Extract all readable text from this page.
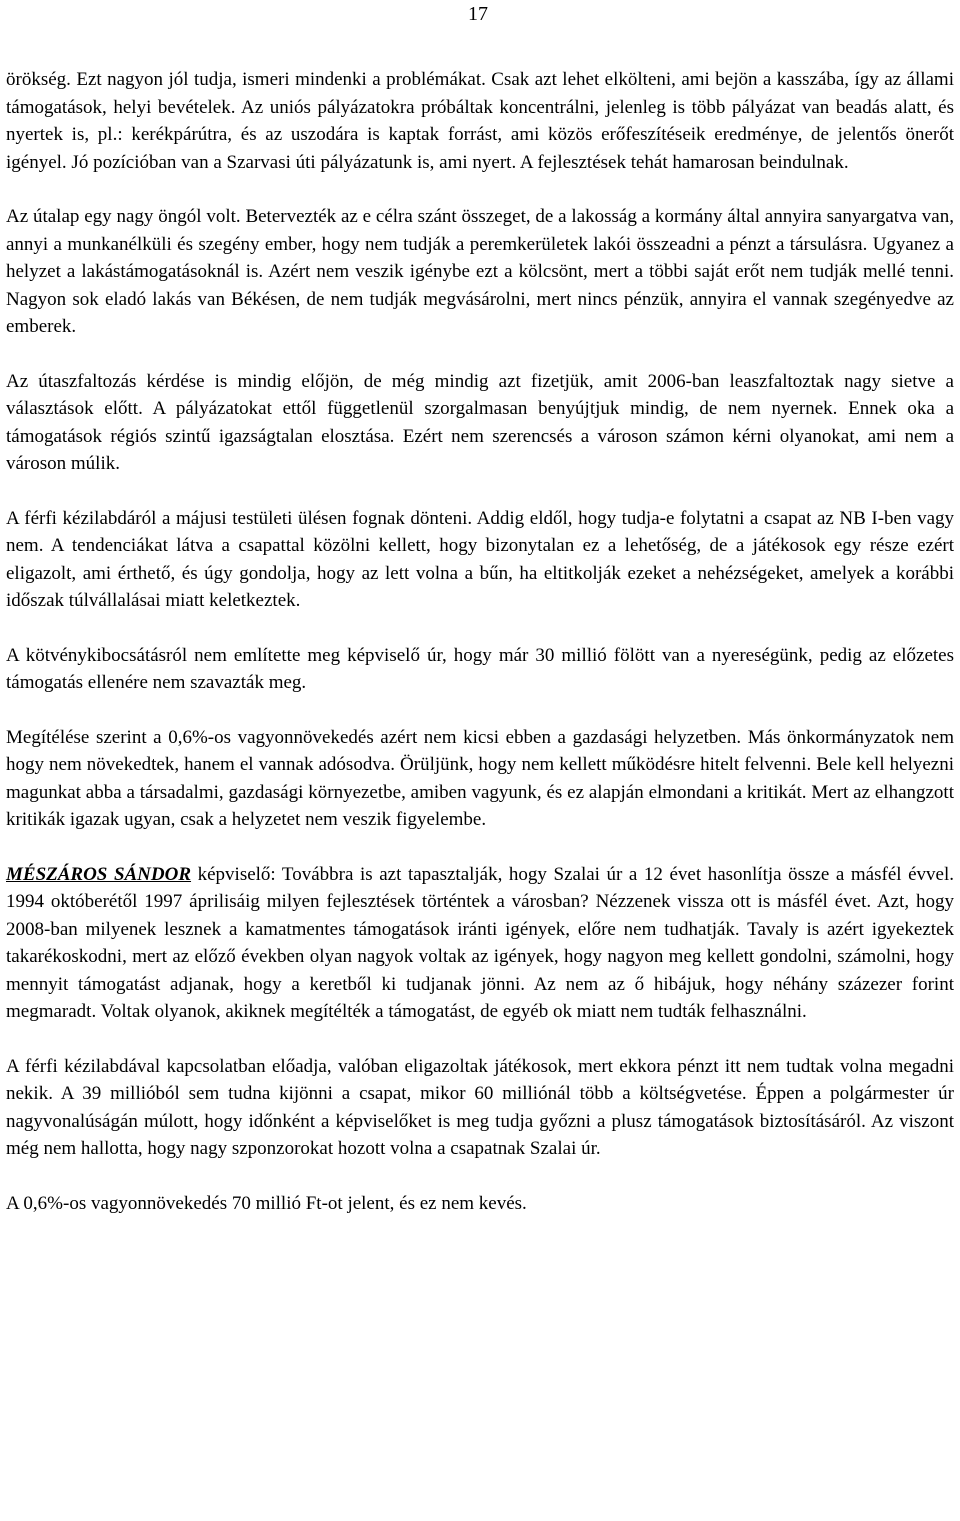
17

örökség. Ezt nagyon jól tudja, ismeri mindenki a problémákat. Csak azt lehet elkölteni, ami bejön a kasszába, így az állami támogatások, helyi bevételek. Az uniós pályázatokra próbáltak koncentrálni, jelenleg is több pályázat van beadás alatt, és nyertek is, pl.: kerékpárútra, és az uszodára is kaptak forrást, ami közös erőfeszítéseik eredménye, de jelentős önerőt igényel. Jó pozícióban van a Szarvasi úti pályázatunk is, ami nyert. A fejlesztések tehát hamarosan beindulnak.

Az útalap egy nagy öngól volt. Betervezték az e célra szánt összeget, de a lakosság a kormány által annyira sanyargatva van, annyi a munkanélküli és szegény ember, hogy nem tudják a peremkerületek lakói összeadni a pénzt a társulásra. Ugyanez a helyzet a lakástámogatásoknál is. Azért nem veszik igénybe ezt a kölcsönt, mert a többi saját erőt nem tudják mellé tenni. Nagyon sok eladó lakás van Békésen, de nem tudják megvásárolni, mert nincs pénzük, annyira el vannak szegényedve az emberek.

Az útaszfaltozás kérdése is mindig előjön, de még mindig azt fizetjük, amit 2006-ban leaszfaltoztak nagy sietve a választások előtt. A pályázatokat ettől függetlenül szorgalmasan benyújtjuk mindig, de nem nyernek. Ennek oka a támogatások régiós szintű igazságtalan elosztása. Ezért nem szerencsés a városon számon kérni olyanokat, ami nem a városon múlik.

A férfi kézilabdáról a májusi testületi ülésen fognak dönteni. Addig eldől, hogy tudja-e folytatni a csapat az NB I-ben vagy nem. A tendenciákat látva a csapattal közölni kellett, hogy bizonytalan ez a lehetőség, de a játékosok egy része ezért eligazolt, ami érthető, és úgy gondolja, hogy az lett volna a bűn, ha eltitkolják ezeket a nehézségeket, amelyek a korábbi időszak túlvállalásai miatt keletkeztek.

A kötvénykibocsátásról nem említette meg képviselő úr, hogy már 30 millió fölött van a nyereségünk, pedig az előzetes támogatás ellenére nem szavazták meg.

Megítélése szerint a 0,6%-os vagyonnövekedés azért nem kicsi ebben a gazdasági helyzetben. Más önkormányzatok nem hogy nem növekedtek, hanem el vannak adósodva. Örüljünk, hogy nem kellett működésre hitelt felvenni. Bele kell helyezni magunkat abba a társadalmi, gazdasági környezetbe, amiben vagyunk, és ez alapján elmondani a kritikát. Mert az elhangzott kritikák igazak ugyan, csak a helyzetet nem veszik figyelembe.

MÉSZÁROS SÁNDOR képviselő: Továbbra is azt tapasztalják, hogy Szalai úr a 12 évet hasonlítja össze a másfél évvel. 1994 októberétől 1997 áprilisáig milyen fejlesztések történtek a városban? Nézzenek vissza ott is másfél évet. Azt, hogy 2008-ban milyenek lesznek a kamatmentes támogatások iránti igények, előre nem tudhatják. Tavaly is azért igyekeztek takarékoskodni, mert az előző években olyan nagyok voltak az igények, hogy nagyon meg kellett gondolni, számolni, hogy mennyit támogatást adjanak, hogy a keretből ki tudjanak jönni. Az nem az ő hibájuk, hogy néhány százezer forint megmaradt. Voltak olyanok, akiknek megítélték a támogatást, de egyéb ok miatt nem tudták felhasználni.

A férfi kézilabdával kapcsolatban előadja, valóban eligazoltak játékosok, mert ekkora pénzt itt nem tudtak volna megadni nekik. A 39 millióból sem tudna kijönni a csapat, mikor 60 milliónál több a költségvetése. Éppen a polgármester úr nagyvonalúságán múlott, hogy időnként a képviselőket is meg tudja győzni a plusz támogatások biztosításáról. Az viszont még nem hallotta, hogy nagy szponzorokat hozott volna a csapatnak Szalai úr.

A 0,6%-os vagyonnövekedés 70 millió Ft-ot jelent, és ez nem kevés.
